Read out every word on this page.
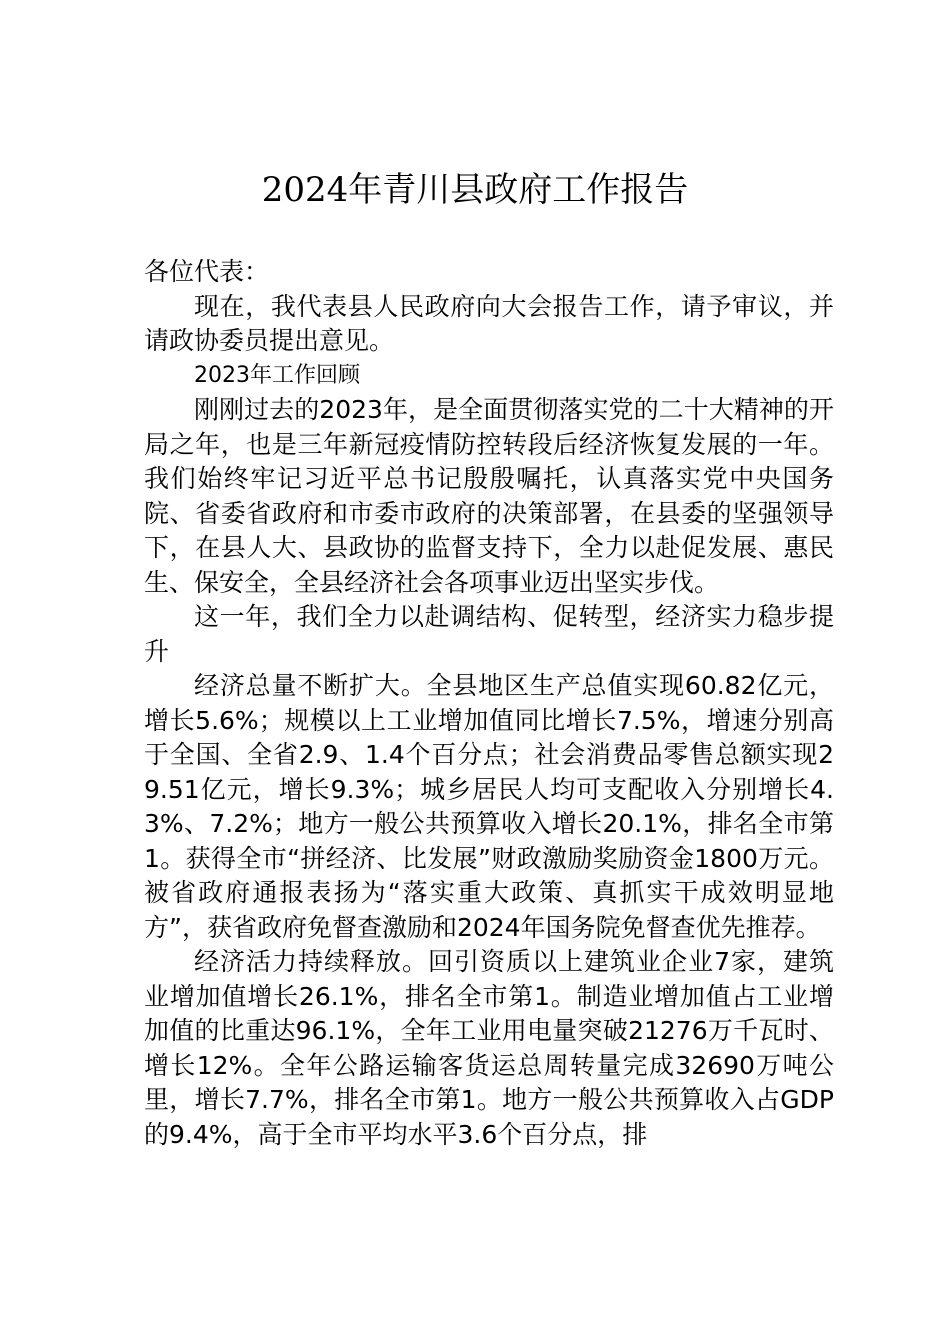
2024年青川县政府工作报告

各位代表：

现在，我代表县人民政府向大会报告工作，请予审议，并请政协委员提出意见。

2023年工作回顾

刚刚过去的2023年，是全面贯彻落实党的二十大精神的开局之年，也是三年新冠疫情防控转段后经济恢复发展的一年。我们始终牢记习近平总书记殷殷嘱托，认真落实党中央国务院、省委省政府和市委市政府的决策部署，在县委的坚强领导下，在县人大、县政协的监督支持下，全力以赴促发展、惠民生、保安全，全县经济社会各项事业迈出坚实步伐。

这一年，我们全力以赴调结构、促转型，经济实力稳步提升

经济总量不断扩大。全县地区生产总值实现60.82亿元，增长5.6%；规模以上工业增加值同比增长7.5%，增速分别高于全国、全省2.9、1.4个百分点；社会消费品零售总额实现29.51亿元，增长9.3%；城乡居民人均可支配收入分别增长4.3%、7.2%；地方一般公共预算收入增长20.1%，排名全市第1。获得全市“拼经济、比发展”财政激励奖励资金1800万元。被省政府通报表扬为“落实重大政策、真抓实干成效明显地方”，获省政府免督查激励和2024年国务院免督查优先推荐。

经济活力持续释放。回引资质以上建筑业企业7家，建筑业增加值增长26.1%，排名全市第1。制造业增加值占工业增加值的比重达96.1%，全年工业用电量突破21276万千瓦时、增长12%。全年公路运输客货运总周转量完成32690万吨公里，增长7.7%，排名全市第1。地方一般公共预算收入占GDP的9.4%，高于全市平均水平3.6个百分点，排
